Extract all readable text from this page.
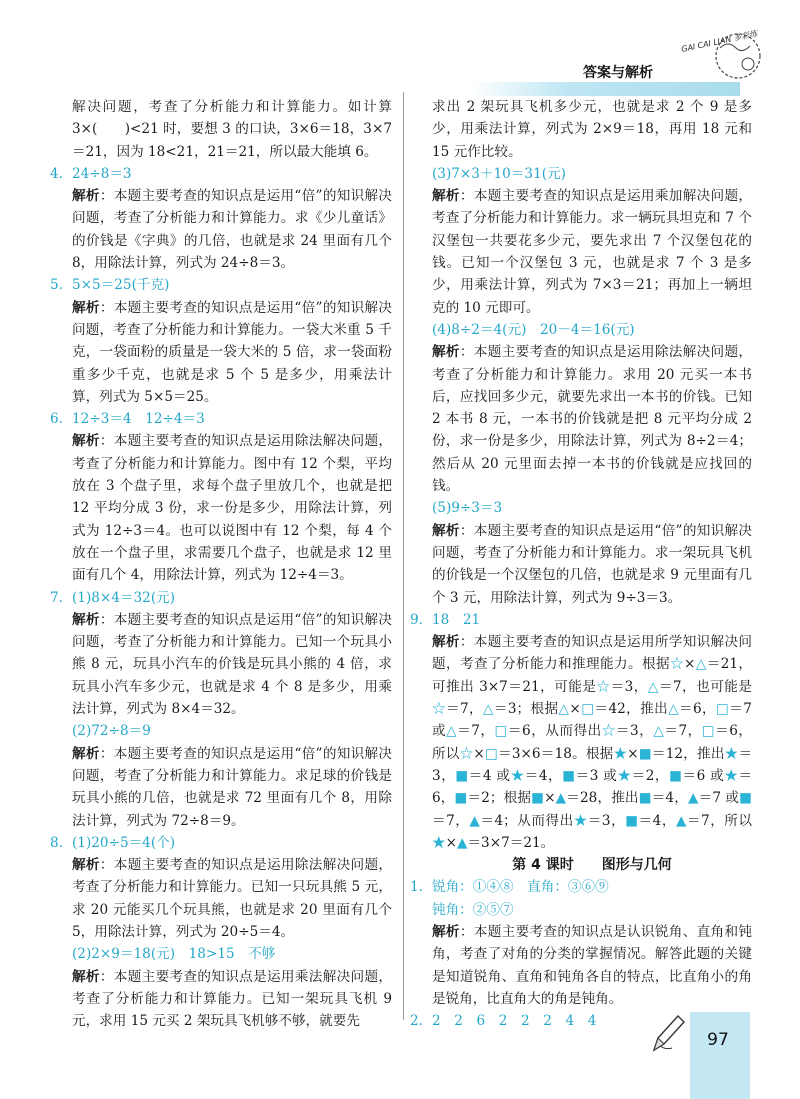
答案与解析
GAI CAI LIAN 多彩练
解决问题，考查了分析能力和计算能力。如计算3×(　　)<21 时，要想 3 的口诀，3×6＝18，3×7＝21，因为 18<21，21＝21，所以最大能填 6。
4. 24÷8＝3
解析：本题主要考查的知识点是运用“倍”的知识解决问题，考查了分析能力和计算能力。求《少儿童话》的价钱是《字典》的几倍，也就是求 24 里面有几个 8，用除法计算，列式为 24÷8＝3。
5. 5×5＝25(千克)
解析：本题主要考查的知识点是运用“倍”的知识解决问题，考查了分析能力和计算能力。一袋大米重 5 千克，一袋面粉的质量是一袋大米的 5 倍，求一袋面粉重多少千克，也就是求 5 个 5 是多少，用乘法计算，列式为 5×5＝25。
6. 12÷3＝4　12÷4＝3
解析：本题主要考查的知识点是运用除法解决问题，考查了分析能力和计算能力。图中有 12 个梨，平均放在 3 个盘子里，求每个盘子里放几个，也就是把 12 平均分成 3 份，求一份是多少，用除法计算，列式为 12÷3＝4。也可以说图中有 12 个梨，每 4 个放在一个盘子里，求需要几个盘子，也就是求 12 里面有几个 4，用除法计算，列式为 12÷4＝3。
7. (1)8×4＝32(元)
解析：本题主要考查的知识点是运用“倍”的知识解决问题，考查了分析能力和计算能力。已知一个玩具小熊 8 元，玩具小汽车的价钱是玩具小熊的 4 倍，求玩具小汽车多少元，也就是求 4 个 8 是多少，用乘法计算，列式为 8×4＝32。
(2)72÷8＝9
解析：本题主要考查的知识点是运用“倍”的知识解决问题，考查了分析能力和计算能力。求足球的价钱是玩具小熊的几倍，也就是求 72 里面有几个 8，用除法计算，列式为 72÷8＝9。
8. (1)20÷5＝4(个)
解析：本题主要考查的知识点是运用除法解决问题，考查了分析能力和计算能力。已知一只玩具熊 5 元，求 20 元能买几个玩具熊，也就是求 20 里面有几个 5，用除法计算，列式为 20÷5＝4。
(2)2×9＝18(元)　18>15　不够
解析：本题主要考查的知识点是运用乘法解决问题，考查了分析能力和计算能力。已知一架玩具飞机 9 元，求用 15 元买 2 架玩具飞机够不够，就要先
求出 2 架玩具飞机多少元，也就是求 2 个 9 是多少，用乘法计算，列式为 2×9＝18，再用 18 元和 15 元作比较。
(3)7×3＋10＝31(元)
解析：本题主要考查的知识点是运用乘加解决问题，考查了分析能力和计算能力。求一辆玩具坦克和 7 个汉堡包一共要花多少元，要先求出 7 个汉堡包花的钱。已知一个汉堡包 3 元，也就是求 7 个 3 是多少，用乘法计算，列式为 7×3＝21；再加上一辆坦克的 10 元即可。
(4)8÷2＝4(元)　20－4＝16(元)
解析：本题主要考查的知识点是运用除法解决问题，考查了分析能力和计算能力。求用 20 元买一本书后，应找回多少元，就要先求出一本书的价钱。已知 2 本书 8 元，一本书的价钱就是把 8 元平均分成 2 份，求一份是多少，用除法计算，列式为 8÷2＝4；然后从 20 元里面去掉一本书的价钱就是应找回的钱。
(5)9÷3＝3
解析：本题主要考查的知识点是运用“倍”的知识解决问题，考查了分析能力和计算能力。求一架玩具飞机的价钱是一个汉堡包的几倍，也就是求 9 元里面有几个 3 元，用除法计算，列式为 9÷3＝3。
9. 18　21
解析：本题主要考查的知识点是运用所学知识解决问题，考查了分析能力和推理能力。根据☆×△＝21，可推出 3×7＝21，可能是☆＝3，△＝7，也可能是☆＝7，△＝3；根据△×□＝42，推出△＝6，□＝7 或△＝7，□＝6，从而得出☆＝3，△＝7，□＝6，所以☆×□＝3×6＝18。根据★×■＝12，推出★＝3，■＝4 或★＝4，■＝3 或★＝2，■＝6 或★＝6，■＝2；根据■×▲＝28，推出■＝4，▲＝7 或■＝7，▲＝4；从而得出★＝3，■＝4，▲＝7，所以★×▲＝3×7＝21。
第 4 课时　　图形与几何
1. 锐角：①④⑧　直角：③⑥⑨
钝角：②⑤⑦
解析：本题主要考查的知识点是认识锐角、直角和钝角，考查了对角的分类的掌握情况。解答此题的关键是知道锐角、直角和钝角各自的特点，比直角小的角是锐角，比直角大的角是钝角。
2. 2　2　6　2　2　2　4　4
97
